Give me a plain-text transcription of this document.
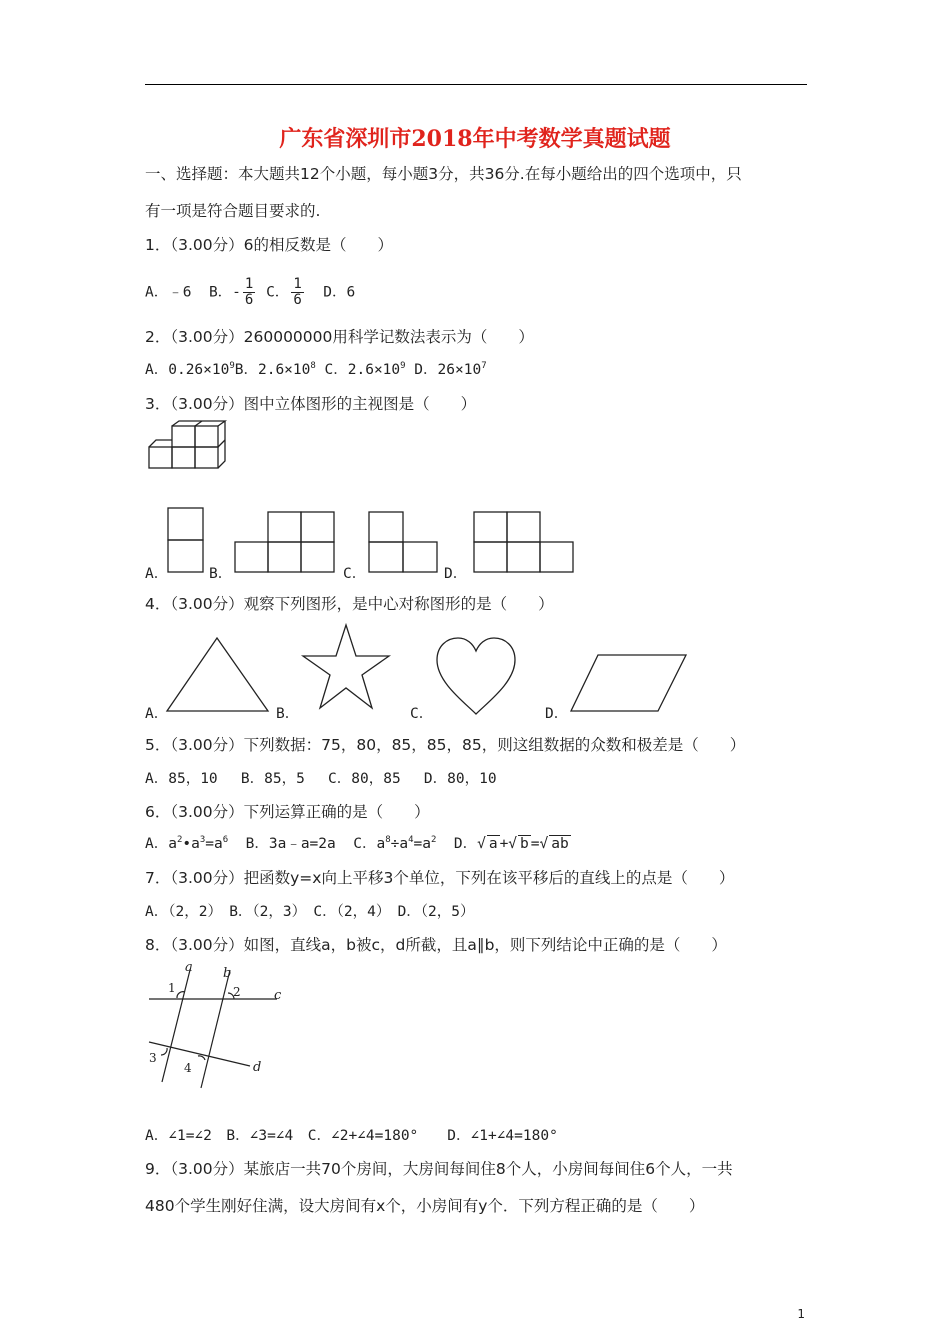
广东省深圳市2018年中考数学真题试题
一、选择题：本大题共12个小题，每小题3分，共36分.在每小题给出的四个选项中，只
有一项是符合题目要求的.
1．（3.00分）6的相反数是（　　）
A．﹣6 B．- $\frac{1}{6}$ C． $\frac{1}{6}$ D．6
2．（3.00分）260000000用科学记数法表示为（　　）
A．$0.26\times 10^9B$．$2.6\times 10^8$ C．$2.6\times 10^9$ D．$26\times 10^7$
3．（3.00分）图中立体图形的主视图是（　　）
A．	B．	C．	D．
4．（3.00分）观察下列图形，是中心对称图形的是（　　）
A．	B．	C．	D．
5．（3.00分）下列数据：75，80，85，85，85，则这组数据的众数和极差是（　　）
A．85，10　 B．85，5　 C．80，85　 D．80，10
6．（3.00分）下列运算正确的是（　　）
A．$a^2•a^3=a^6$ B．3a﹣a=2a C．$a^8\div a^4=a^2$ D．√ a +√ b =√ ab
7．（3.00分）把函数y=x向上平移3个单位，下列在该平移后的直线上的点是（　　）
A．（2，2）　B．（2，3）　C．（2，4）　D．（2，5）
8．（3.00分）如图，直线a，b被c，d所截，且a∥b，则下列结论中正确的是（　　）
a b
c
d
1	2
3
4
A．∠1=∠2　B．∠3=∠4　C．∠2+∠4=180°　　D．∠1+∠4=180°
9．（3.00分）某旅店一共70个房间，大房间每间住8个人，小房间每间住6个人，一共
480个学生刚好住满，设大房间有x个，小房间有y个．下列方程正确的是（　　）
1
